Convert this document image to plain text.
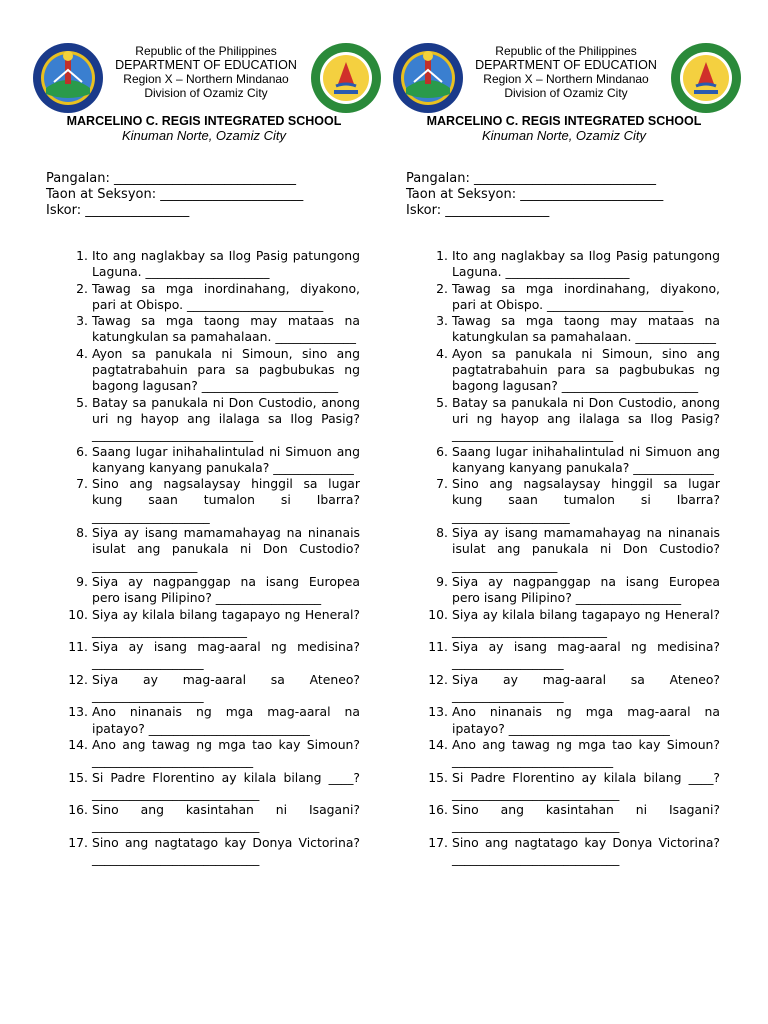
Republic of the Philippines
DEPARTMENT OF EDUCATION
Region X – Northern Mindanao
Division of Ozamiz City
MARCELINO C. REGIS INTEGRATED SCHOOL
Kinuman Norte, Ozamiz City
Pangalan: ____________________________
Taon at Seksyon: ______________________
Iskor: ________________
1. Ito ang naglakbay sa Ilog Pasig patungong Laguna. ____________________
2. Tawag sa mga inordinahang, diyakono, pari at Obispo. ______________________
3. Tawag sa mga taong may mataas na katungkulan sa pamahalaan. _____________
4. Ayon sa panukala ni Simoun, sino ang pagtatrabahuin para sa pagbubukas ng bagong lagusan? ______________________
5. Batay sa panukala ni Don Custodio, anong uri ng hayop ang ilalaga sa Ilog Pasig? __________________________
6. Saang lugar inihahalintulad ni Simuon ang kanyang kanyang panukala? _____________
7. Sino ang nagsalaysay hinggil sa lugar kung saan tumalon si Ibarra? ___________________
8. Siya ay isang mamamahayag na ninanais isulat ang panukala ni Don Custodio? _________________
9. Siya ay nagpanggap na isang Europea pero isang Pilipino? _________________
10. Siya ay kilala bilang tagapayo ng Heneral? _________________________
11. Siya ay isang mag-aaral ng medisina? __________________
12. Siya ay mag-aaral sa Ateneo? __________________
13. Ano ninanais ng mga mag-aaral na ipatayo? __________________________
14. Ano ang tawag ng mga tao kay Simoun? __________________________
15. Si Padre Florentino ay kilala bilang ____? ___________________________
16. Sino ang kasintahan ni Isagani? ___________________________
17. Sino ang nagtatago kay Donya Victorina? ___________________________
Republic of the Philippines
DEPARTMENT OF EDUCATION
Region X – Northern Mindanao
Division of Ozamiz City
MARCELINO C. REGIS INTEGRATED SCHOOL
Kinuman Norte, Ozamiz City
Pangalan: ____________________________
Taon at Seksyon: ______________________
Iskor: ________________
1. Ito ang naglakbay sa Ilog Pasig patungong Laguna. ____________________
2. Tawag sa mga inordinahang, diyakono, pari at Obispo. ______________________
3. Tawag sa mga taong may mataas na katungkulan sa pamahalaan. _____________
4. Ayon sa panukala ni Simoun, sino ang pagtatrabahuin para sa pagbubukas ng bagong lagusan? ______________________
5. Batay sa panukala ni Don Custodio, anong uri ng hayop ang ilalaga sa Ilog Pasig? __________________________
6. Saang lugar inihahalintulad ni Simuon ang kanyang kanyang panukala? _____________
7. Sino ang nagsalaysay hinggil sa lugar kung saan tumalon si Ibarra? ___________________
8. Siya ay isang mamamahayag na ninanais isulat ang panukala ni Don Custodio? _________________
9. Siya ay nagpanggap na isang Europea pero isang Pilipino? _________________
10. Siya ay kilala bilang tagapayo ng Heneral? _________________________
11. Siya ay isang mag-aaral ng medisina? __________________
12. Siya ay mag-aaral sa Ateneo? __________________
13. Ano ninanais ng mga mag-aaral na ipatayo? __________________________
14. Ano ang tawag ng mga tao kay Simoun? __________________________
15. Si Padre Florentino ay kilala bilang ____? ___________________________
16. Sino ang kasintahan ni Isagani? ___________________________
17. Sino ang nagtatago kay Donya Victorina? ___________________________
